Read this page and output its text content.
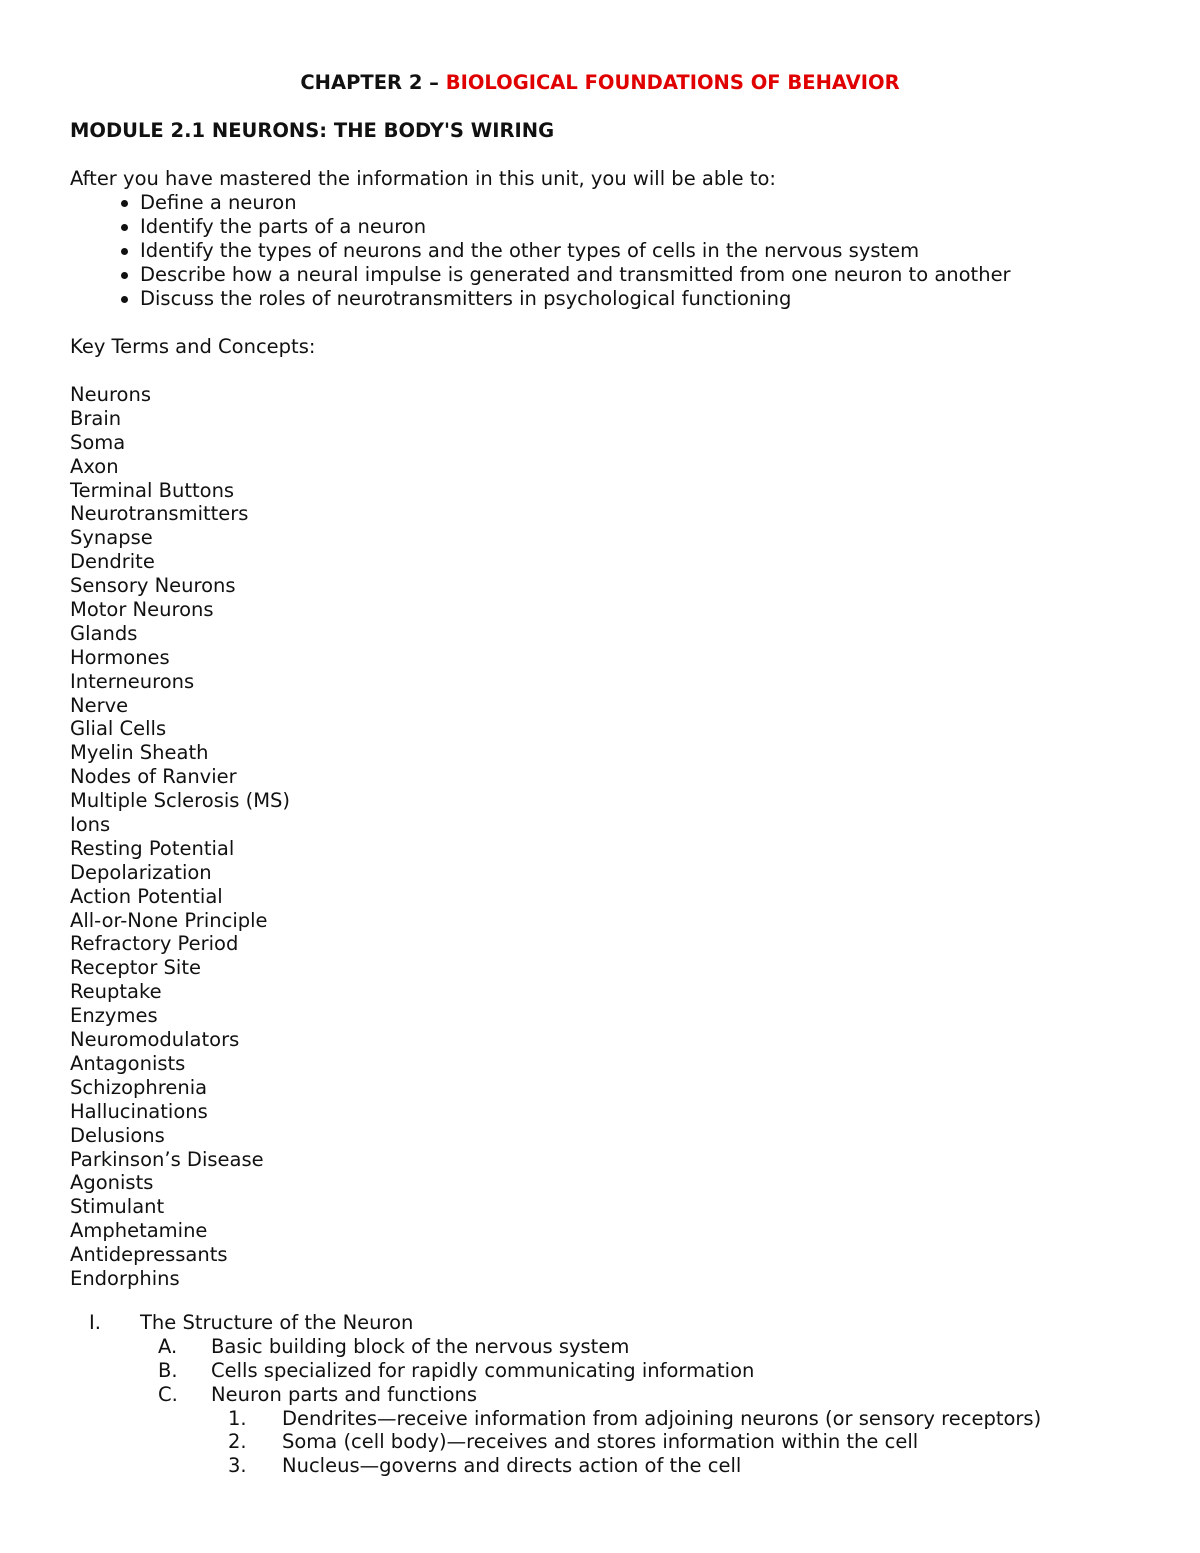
CHAPTER 2 – BIOLOGICAL FOUNDATIONS OF BEHAVIOR
MODULE 2.1 NEURONS: THE BODY'S WIRING
After you have mastered the information in this unit, you will be able to:
Define a neuron
Identify the parts of a neuron
Identify the types of neurons and the other types of cells in the nervous system
Describe how a neural impulse is generated and transmitted from one neuron to another
Discuss the roles of neurotransmitters in psychological functioning
Key Terms and Concepts:
Neurons
Brain
Soma
Axon
Terminal Buttons
Neurotransmitters
Synapse
Dendrite
Sensory Neurons
Motor Neurons
Glands
Hormones
Interneurons
Nerve
Glial Cells
Myelin Sheath
Nodes of Ranvier
Multiple Sclerosis (MS)
Ions
Resting Potential
Depolarization
Action Potential
All-or-None Principle
Refractory Period
Receptor Site
Reuptake
Enzymes
Neuromodulators
Antagonists
Schizophrenia
Hallucinations
Delusions
Parkinson’s Disease
Agonists
Stimulant
Amphetamine
Antidepressants
Endorphins
I. The Structure of the Neuron
A. Basic building block of the nervous system
B. Cells specialized for rapidly communicating information
C. Neuron parts and functions
1. Dendrites—receive information from adjoining neurons (or sensory receptors)
2. Soma (cell body)—receives and stores information within the cell
3. Nucleus—governs and directs action of the cell
